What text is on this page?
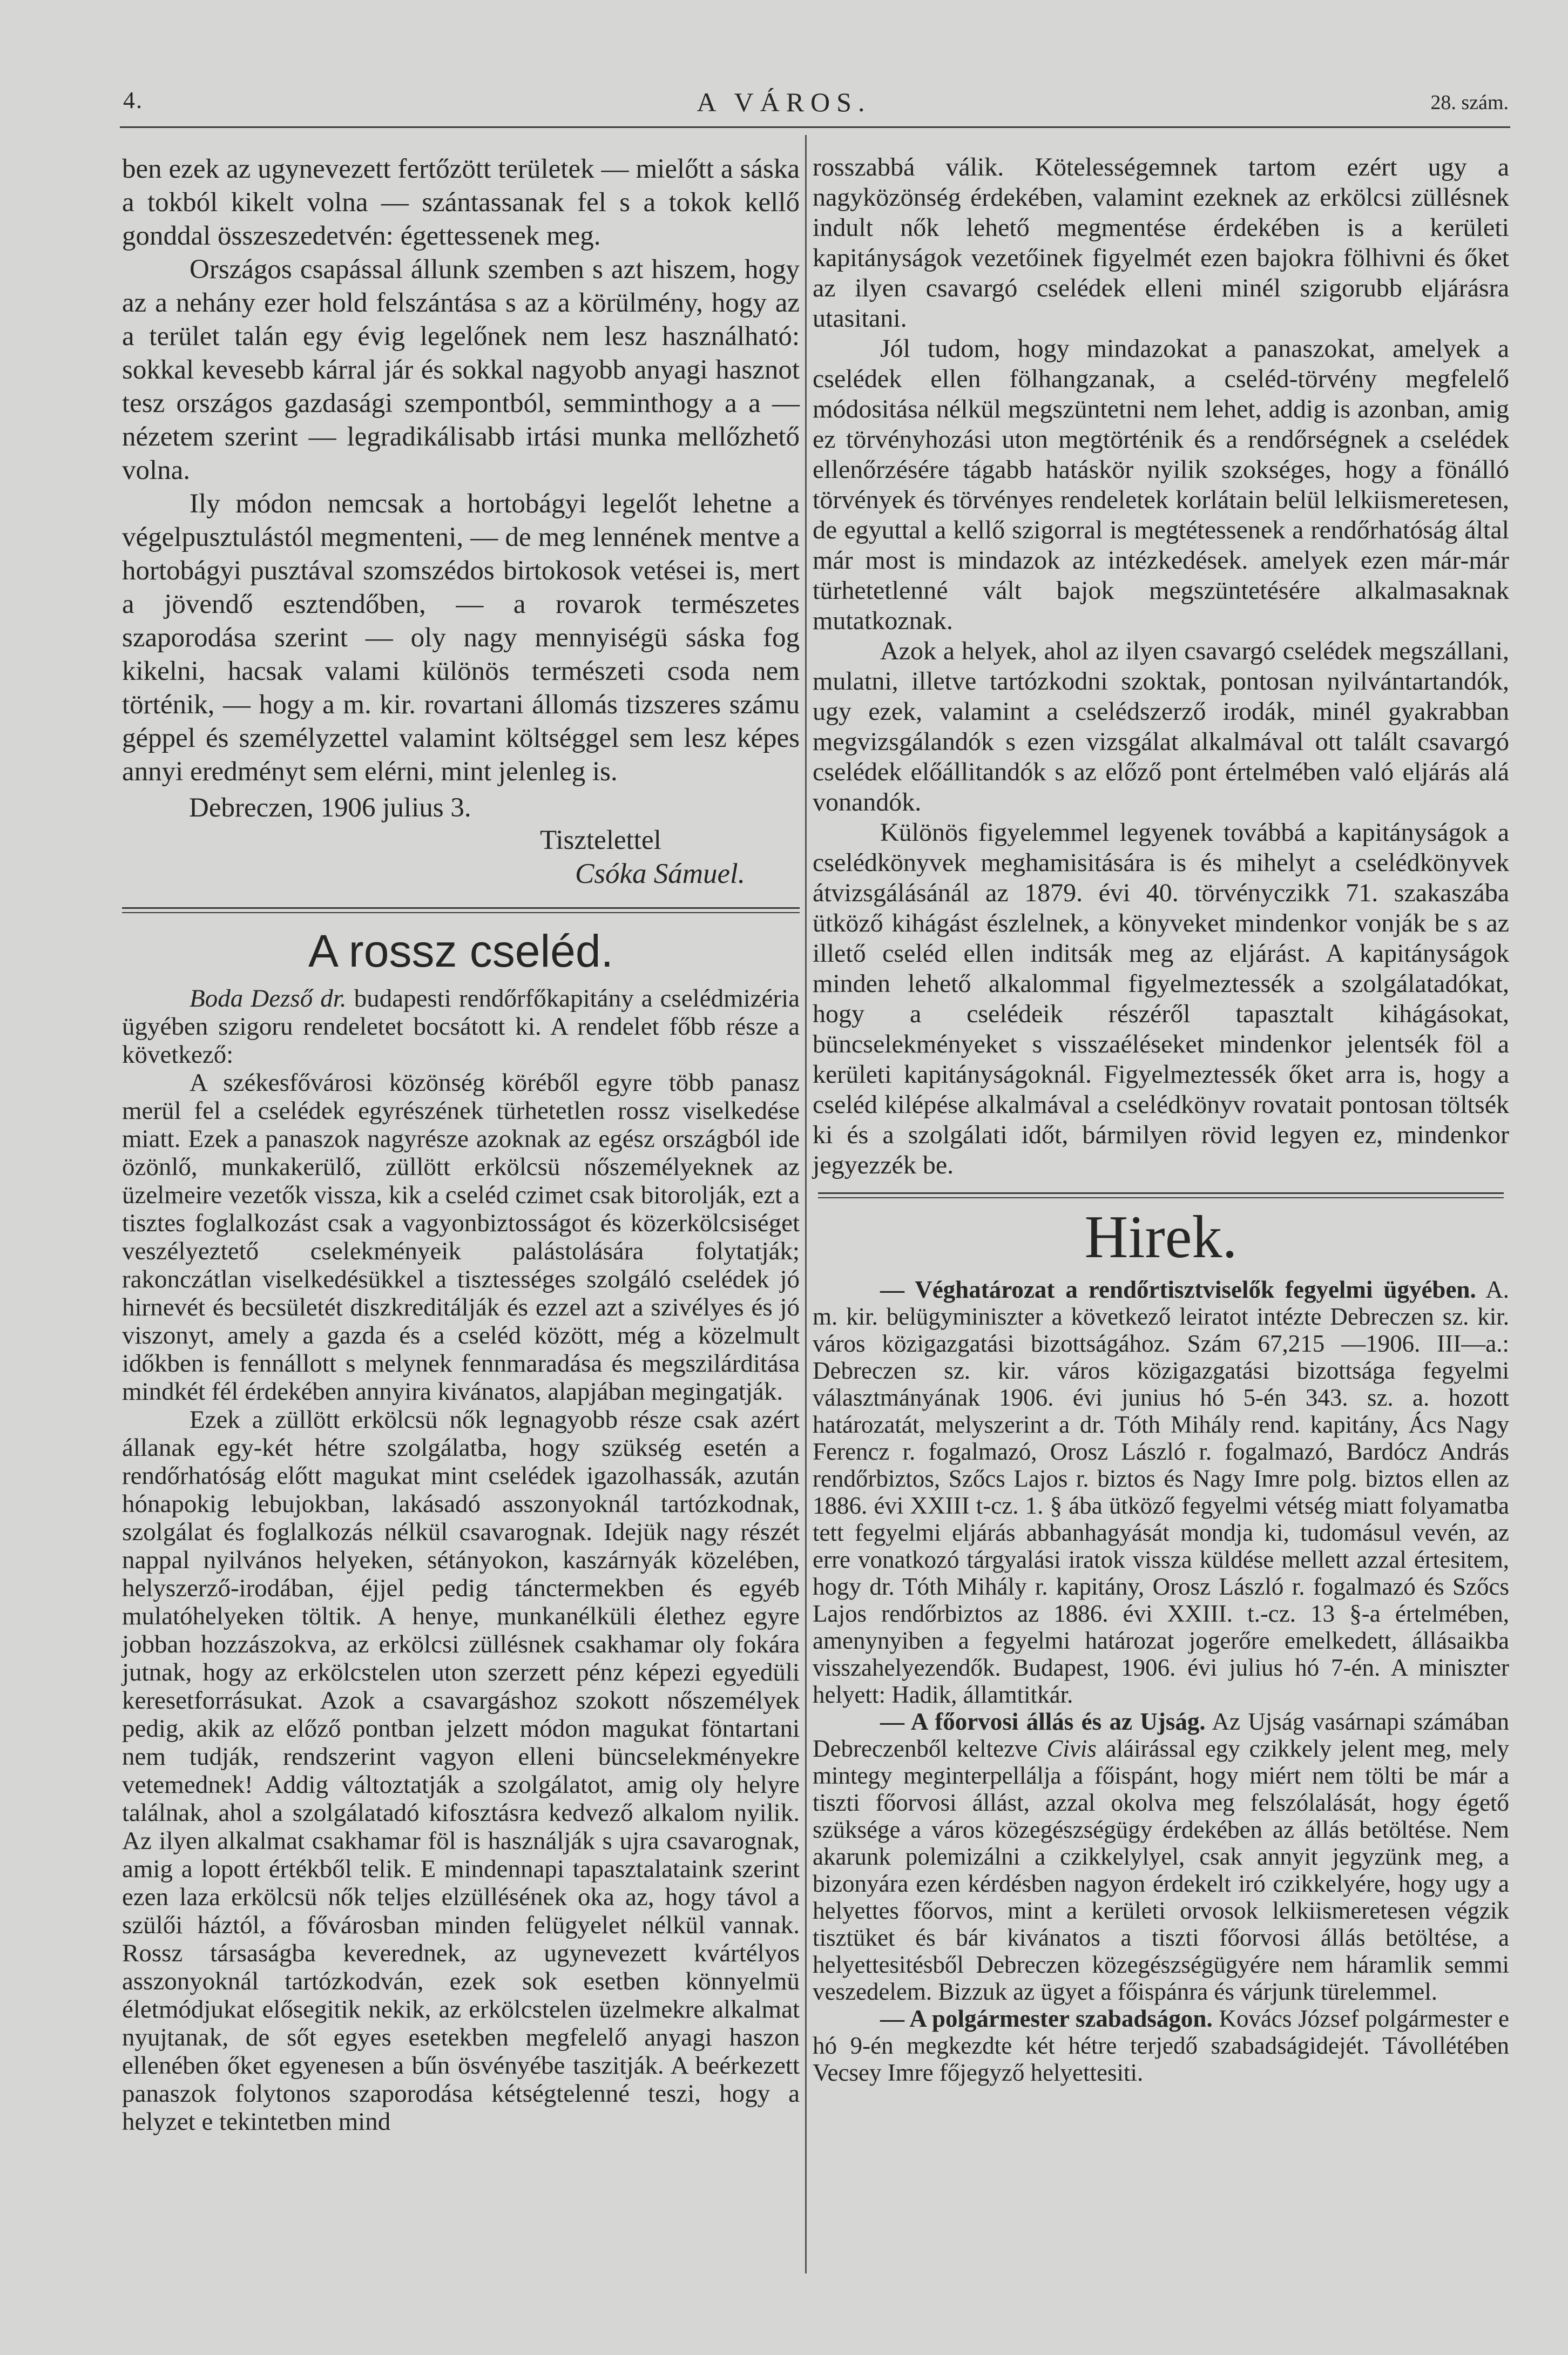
4.	A VÁROS.	28. szám.

ben ezek az ugynevezett fertőzött területek — mielőtt a sáska a tokból kikelt volna — szántassanak fel s a tokok kellő gonddal összeszedetvén: égettessenek meg.

Országos csapással állunk szemben s azt hiszem, hogy az a nehány ezer hold felszántása s az a körülmény, hogy az a terület talán egy évig legelőnek nem lesz használható: sokkal kevesebb kárral jár és sokkal nagyobb anyagi hasznot tesz országos gazdasági szempontból, semminthogy a a — nézetem szerint — legradikálisabb irtási munka mellőzhető volna.

Ily módon nemcsak a hortobágyi legelőt lehetne a végelpusztulástól megmenteni, — de meg lennének mentve a hortobágyi pusztával szomszédos birtokosok vetései is, mert a jövendő esztendőben, — a rovarok természetes szaporodása szerint — oly nagy mennyiségü sáska fog kikelni, hacsak valami különös természeti csoda nem történik, — hogy a m. kir. rovartani állomás tizszeres számu géppel és személyzettel valamint költséggel sem lesz képes annyi eredményt sem elérni, mint jelenleg is.

Debreczen, 1906 julius 3.
Tisztelettel
Csóka Sámuel.
A rossz cseléd.

Boda Dezső dr. budapesti rendőrfőkapitány a cselédmizéria ügyében szigoru rendeletet bocsátott ki. A rendelet főbb része a következő:

A székesfővárosi közönség köréből egyre több panasz merül fel a cselédek egyrészének türhetetlen rossz viselkedése miatt. Ezek a panaszok nagyrésze azoknak az egész országból ide özönlő, munkakerülő, züllött erkölcsü nőszemélyeknek az üzelmeire vezetők vissza, kik a cseléd czimet csak bitorolják, ezt a tisztes foglalkozást csak a vagyonbiztosságot és közerkölcsiséget veszélyeztető cselekményeik palástolására folytatják; rakonczátlan viselkedésükkel a tisztességes szolgáló cselédek jó hirnevét és becsületét diszkreditálják és ezzel azt a szivélyes és jó viszonyt, amely a gazda és a cseléd között, még a közelmult időkben is fennállott s melynek fennmaradása és megszilárditása mindkét fél érdekében annyira kivánatos, alapjában megingatják.

Ezek a züllött erkölcsü nők legnagyobb része csak azért állanak egy-két hétre szolgálatba, hogy szükség esetén a rendőrhatóság előtt magukat mint cselédek igazolhassák, azután hónapokig lebujokban, lakásadó asszonyoknál tartózkodnak, szolgálat és foglalkozás nélkül csavarognak. Idejük nagy részét nappal nyilvános helyeken, sétányokon, kaszárnyák közelében, helyszerző-irodában, éjjel pedig tánctermekben és egyéb mulatóhelyeken töltik. A henye, munkanélküli élethez egyre jobban hozzászokva, az erkölcsi züllésnek csakhamar oly fokára jutnak, hogy az erkölcstelen uton szerzett pénz képezi egyedüli keresetforrásukat. Azok a csavargáshoz szokott nőszemélyek pedig, akik az előző pontban jelzett módon magukat föntartani nem tudják, rendszerint vagyon elleni büncselekményekre vetemednek! Addig változtatják a szolgálatot, amig oly helyre találnak, ahol a szolgálatadó kifosztásra kedvező alkalom nyilik. Az ilyen alkalmat csakhamar föl is használják s ujra csavarognak, amig a lopott értékből telik. E mindennapi tapasztalataink szerint ezen laza erkölcsü nők teljes elzüllésének oka az, hogy távol a szülői háztól, a fővárosban minden felügyelet nélkül vannak. Rossz társaságba keverednek, az ugynevezett kvártélyos asszonyoknál tartózkodván, ezek sok esetben könnyelmü életmódjukat elősegitik nekik, az erkölcstelen üzelmekre alkalmat nyujtanak, de sőt egyes esetekben megfelelő anyagi haszon ellenében őket egyenesen a bűn ösvényébe taszitják. A beérkezett panaszok folytonos szaporodása kétségtelenné teszi, hogy a helyzet e tekintetben mind

rosszabbá válik. Kötelességemnek tartom ezért ugy a nagyközönség érdekében, valamint ezeknek az erkölcsi züllésnek indult nők lehető megmentése érdekében is a kerületi kapitányságok vezetőinek figyelmét ezen bajokra fölhivni és őket az ilyen csavargó cselédek elleni minél szigorubb eljárásra utasitani.

Jól tudom, hogy mindazokat a panaszokat, amelyek a cselédek ellen fölhangzanak, a cseléd-törvény megfelelő módositása nélkül megszüntetni nem lehet, addig is azonban, amig ez törvényhozási uton megtörténik és a rendőrségnek a cselédek ellenőrzésére tágabb hatáskör nyilik szokséges, hogy a fönálló törvények és törvényes rendeletek korlátain belül lelkiismeretesen, de egyuttal a kellő szigorral is megtétessenek a rendőrhatóság által már most is mindazok az intézkedések. amelyek ezen már-már türhetetlenné vált bajok megszüntetésére alkalmasaknak mutatkoznak.

Azok a helyek, ahol az ilyen csavargó cselédek megszállani, mulatni, illetve tartózkodni szoktak, pontosan nyilvántartandók, ugy ezek, valamint a cselédszerző irodák, minél gyakrabban megvizsgálandók s ezen vizsgálat alkalmával ott talált csavargó cselédek előállitandók s az előző pont értelmében való eljárás alá vonandók.

Különös figyelemmel legyenek továbbá a kapitányságok a cselédkönyvek meghamisitására is és mihelyt a cselédkönyvek átvizsgálásánál az 1879. évi 40. törvényczikk 71. szakaszába ütköző kihágást észlelnek, a könyveket mindenkor vonják be s az illető cseléd ellen inditsák meg az eljárást. A kapitányságok minden lehető alkalommal figyelmeztessék a szolgálatadókat, hogy a cselédeik részéről tapasztalt kihágásokat, büncselekményeket s visszaéléseket mindenkor jelentsék föl a kerületi kapitányságoknál. Figyelmeztessék őket arra is, hogy a cseléd kilépése alkalmával a cselédkönyv rovatait pontosan töltsék ki és a szolgálati időt, bármilyen rövid legyen ez, mindenkor jegyezzék be.

Hirek.

— Véghatározat a rendőrtisztviselők fegyelmi ügyében. A. m. kir. belügyminiszter a következő leiratot intézte Debreczen sz. kir. város közigazgatási bizottságához. Szám 67,215 —1906. III—a.: Debreczen sz. kir. város közigazgatási bizottsága fegyelmi választmányának 1906. évi junius hó 5-én 343. sz. a. hozott határozatát, melyszerint a dr. Tóth Mihály rend. kapitány, Ács Nagy Ferencz r. fogalmazó, Orosz László r. fogalmazó, Bardócz András rendőrbiztos, Szőcs Lajos r. biztos és Nagy Imre polg. biztos ellen az 1886. évi XXIII t-cz. 1. § ába ütköző fegyelmi vétség miatt folyamatba tett fegyelmi eljárás abbanhagyását mondja ki, tudomásul vevén, az erre vonatkozó tárgyalási iratok vissza küldése mellett azzal értesitem, hogy dr. Tóth Mihály r. kapitány, Orosz László r. fogalmazó és Szőcs Lajos rendőrbiztos az 1886. évi XXIII. t.-cz. 13 §-a értelmében, amenynyiben a fegyelmi határozat jogerőre emelkedett, állásaikba visszahelyezendők. Budapest, 1906. évi julius hó 7-én. A miniszter helyett: Hadik, államtitkár.

— A főorvosi állás és az Ujság. Az Ujság vasárnapi számában Debreczenből keltezve Civis aláirással egy czikkely jelent meg, mely mintegy meginterpellálja a főispánt, hogy miért nem tölti be már a tiszti főorvosi állást, azzal okolva meg felszólalását, hogy égető szüksége a város közegészségügy érdekében az állás betöltése. Nem akarunk polemizálni a czikkelylyel, csak annyit jegyzünk meg, a bizonyára ezen kérdésben nagyon érdekelt iró czikkelyére, hogy ugy a helyettes főorvos, mint a kerületi orvosok lelkiismeretesen végzik tisztüket és bár kivánatos a tiszti főorvosi állás betöltése, a helyettesitésből Debreczen közegészségügyére nem háramlik semmi veszedelem. Bizzuk az ügyet a főispánra és várjunk türelemmel.

— A polgármester szabadságon. Kovács József polgármester e hó 9-én megkezdte két hétre terjedő szabadságidejét. Távollétében Vecsey Imre főjegyző helyettesiti.
